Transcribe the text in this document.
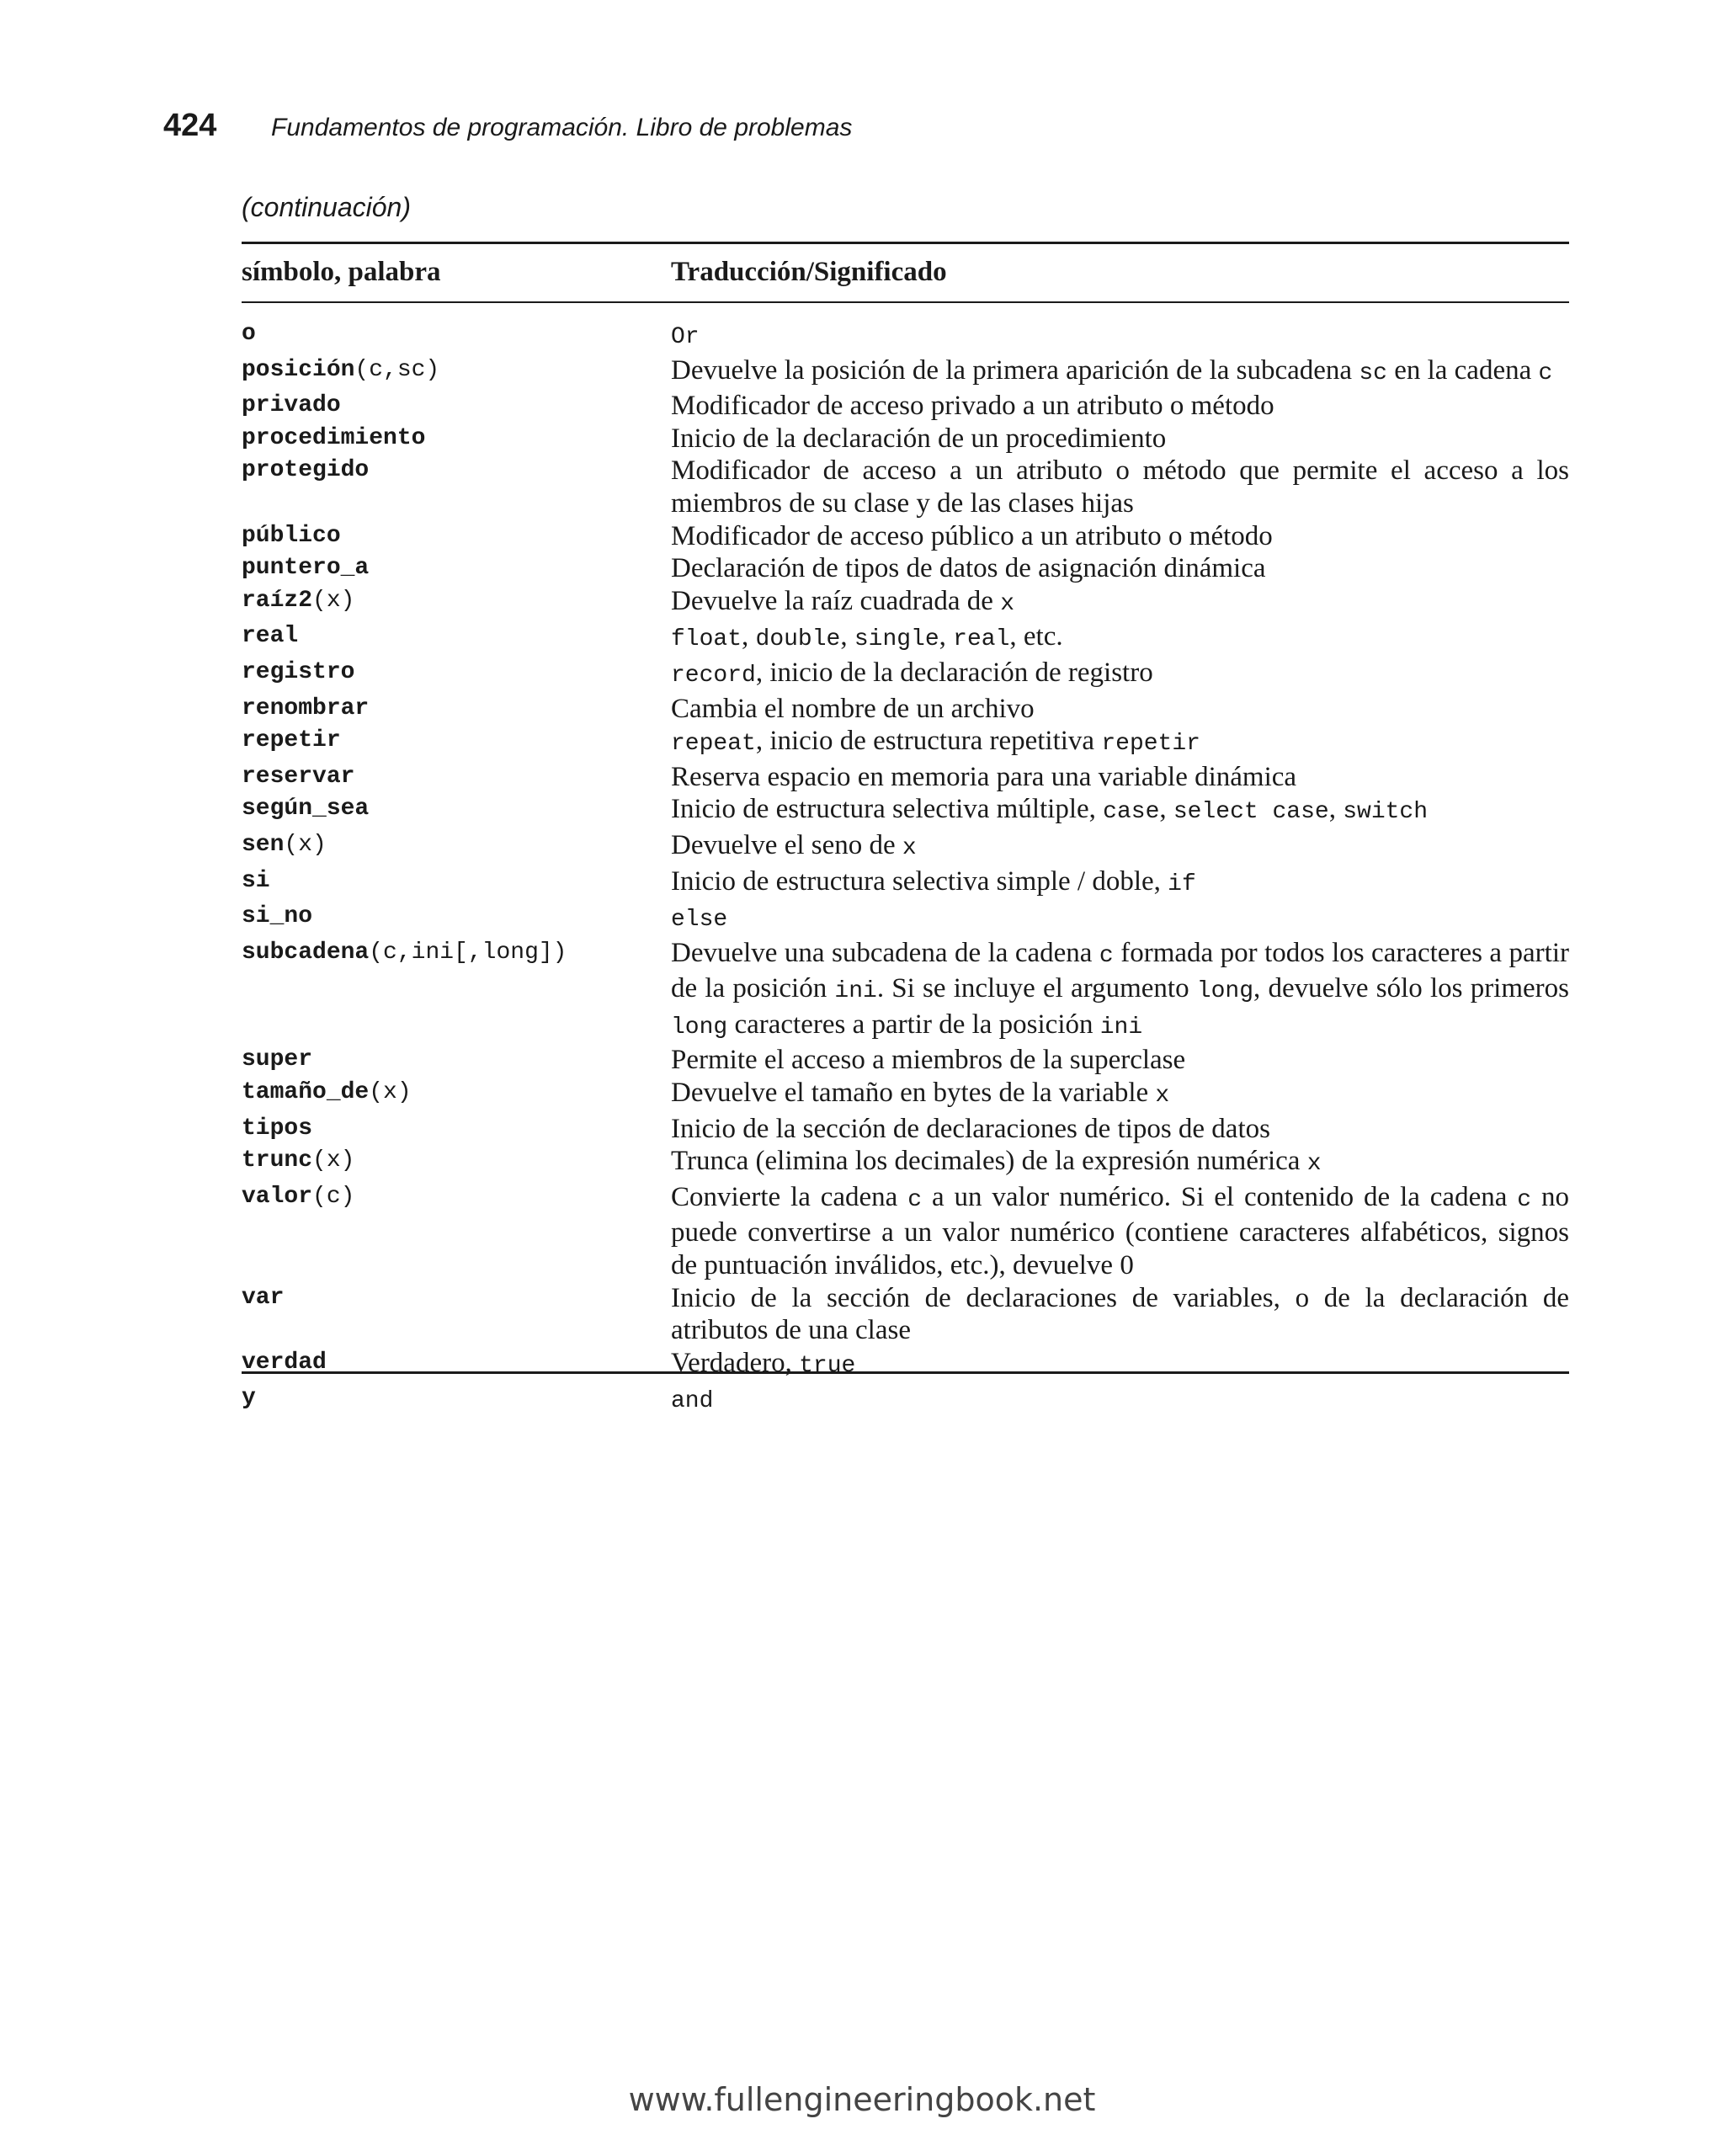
424	Fundamentos de programación. Libro de problemas
(continuación)
símbolo, palabra	Traducción/Significado
o	Or
posición(c,sc)	Devuelve la posición de la primera aparición de la subcadena sc en la cadena c
privado	Modificador de acceso privado a un atributo o método
procedimiento	Inicio de la declaración de un procedimiento
protegido	Modificador de acceso a un atributo o método que permite el acceso a los miembros de su clase y de las clases hijas
público	Modificador de acceso público a un atributo o método
puntero_a	Declaración de tipos de datos de asignación dinámica
raíz2(x)	Devuelve la raíz cuadrada de x
real	float, double, single, real, etc.
registro	record, inicio de la declaración de registro
renombrar	Cambia el nombre de un archivo
repetir	repeat, inicio de estructura repetitiva repetir
reservar	Reserva espacio en memoria para una variable dinámica
según_sea	Inicio de estructura selectiva múltiple, case, select case, switch
sen(x)	Devuelve el seno de x
si	Inicio de estructura selectiva simple / doble, if
si_no	else
subcadena(c,ini[,long])	Devuelve una subcadena de la cadena c formada por todos los caracteres a partir de la posición ini. Si se incluye el argumento long, devuelve sólo los primeros long caracteres a partir de la posición ini
super	Permite el acceso a miembros de la superclase
tamaño_de(x)	Devuelve el tamaño en bytes de la variable x
tipos	Inicio de la sección de declaraciones de tipos de datos
trunc(x)	Trunca (elimina los decimales) de la expresión numérica x
valor(c)	Convierte la cadena c a un valor numérico. Si el contenido de la cadena c no puede convertirse a un valor numérico (contiene caracteres alfabéticos, signos de puntuación inválidos, etc.), devuelve 0
var	Inicio de la sección de declaraciones de variables, o de la declaración de atributos de una clase
verdad	Verdadero, true
y	and
www.fullengineeringbook.net
